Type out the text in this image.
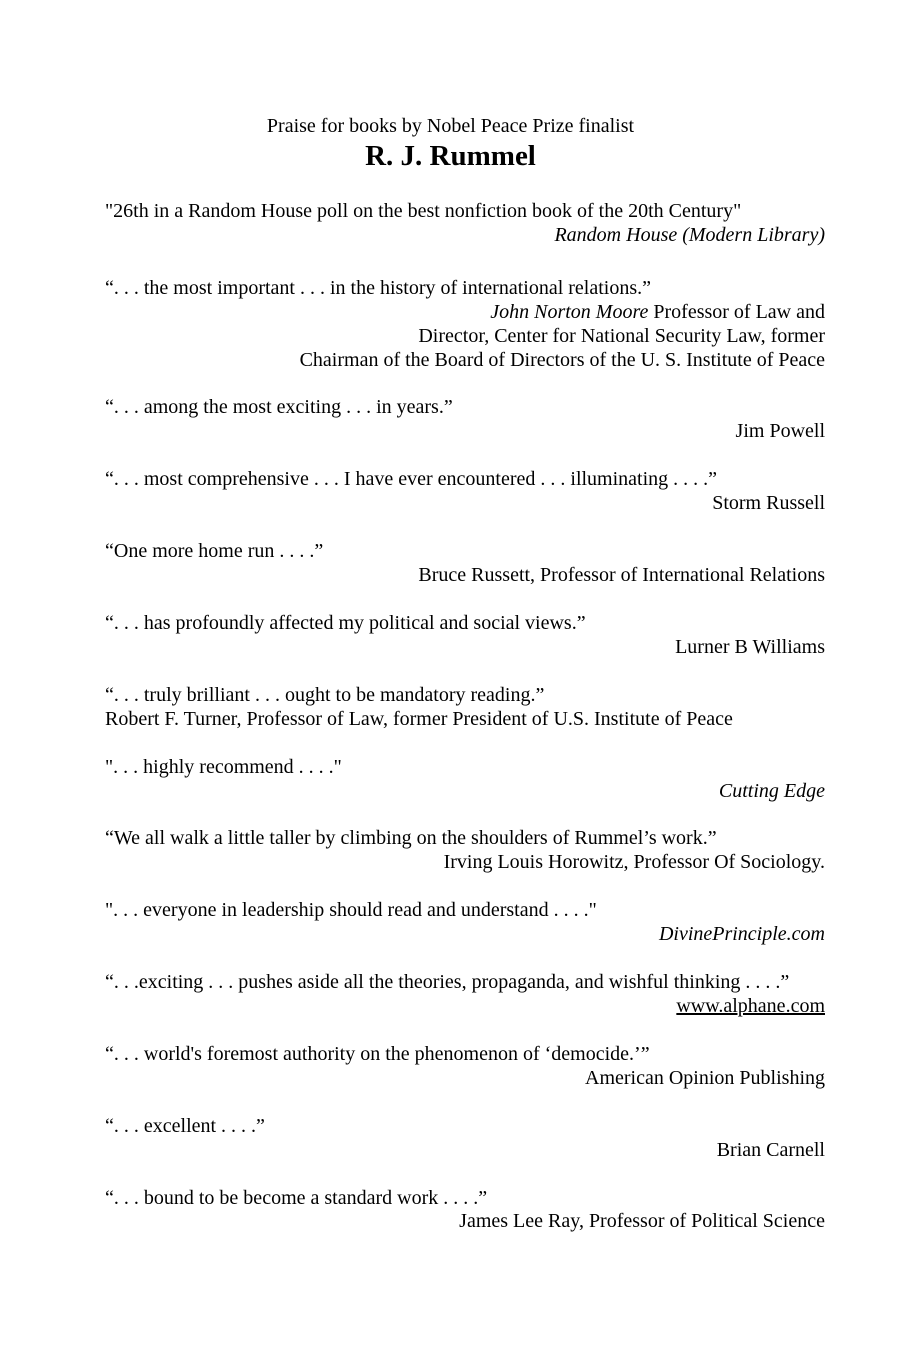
Praise for books by Nobel Peace Prize finalist
R. J. Rummel
"26th in a Random House poll on the best nonfiction book of the 20th Century"
Random House (Modern Library)
“. . . the most important . . . in the history of international relations.”
John Norton Moore Professor of Law and
Director, Center for National Security Law, former
Chairman of the Board of Directors of the U. S. Institute of Peace
“. . . among the most exciting . . . in years.”
Jim Powell
“. . . most comprehensive . . . I have ever encountered . . . illuminating . . . .”
Storm Russell
“One more home run . . . .”
Bruce Russett, Professor of International Relations
“. . . has profoundly affected my political and social views.”
Lurner B Williams
“. . . truly brilliant . . . ought to be mandatory reading.”
Robert F. Turner, Professor of Law, former President of U.S. Institute of Peace
". . . highly recommend . . . ."
Cutting Edge
“We all walk a little taller by climbing on the shoulders of Rummel’s work.”
Irving Louis Horowitz, Professor Of Sociology.
". . . everyone in leadership should read and understand . . . ."
DivinePrinciple.com
“. . .exciting . . . pushes aside all the theories, propaganda, and wishful thinking . . . .”
www.alphane.com
“. . . world's foremost authority on the phenomenon of ‘democide.’”
American Opinion Publishing
“. . . excellent . . . .”
Brian Carnell
“. . . bound to be become a standard work . . . .”
James Lee Ray, Professor of Political Science
